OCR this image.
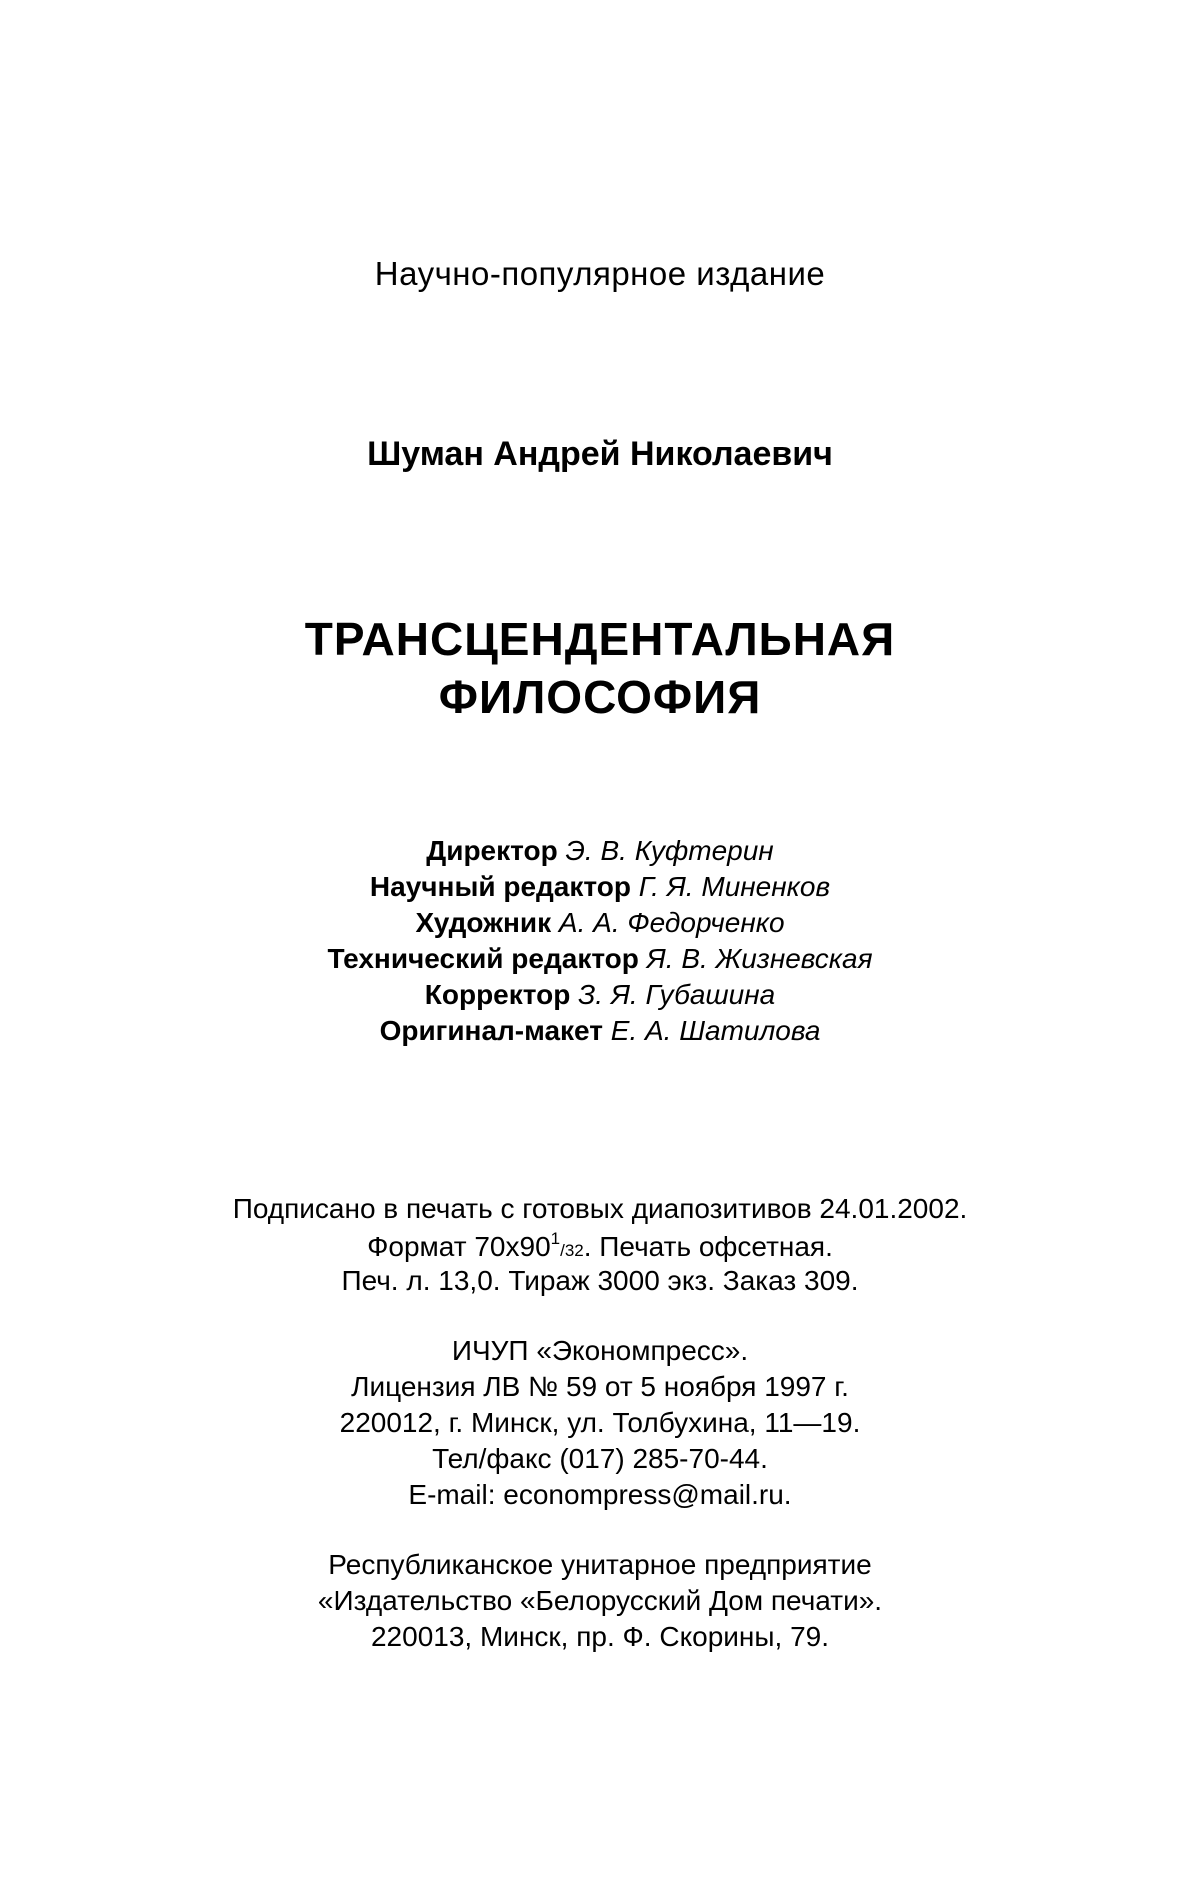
Научно-популярное издание

Шуман Андрей Николаевич

ТРАНСЦЕНДЕНТАЛЬНАЯ

ФИЛОСОФИЯ

Директор Э. В. Куфтерин

Научный редактор Г. Я. Миненков

Художник А. А. Федорченко

Технический редактор Я. В. Жизневская

Корректор З. Я. Губашина

Оригинал-макет Е. А. Шатилова

Подписано в печать с готовых диапозитивов 24.01.2002.

Формат $70х90^1/32$. Печать офсетная.

Печ. л. 13,0. Тираж 3000 экз. Заказ 309.

ИЧУП «Экономпресс».

Лицензия ЛВ № 59 от 5 ноября 1997 г.

220012, г. Минск, ул. Толбухина, 11—19.

Тел/факс (017) 285-70-44.

E-mail: econompress@mail.ru.

Республиканское унитарное предприятие

«Издательство «Белорусский Дом печати».

220013, Минск, пр. Ф. Скорины, 79.
